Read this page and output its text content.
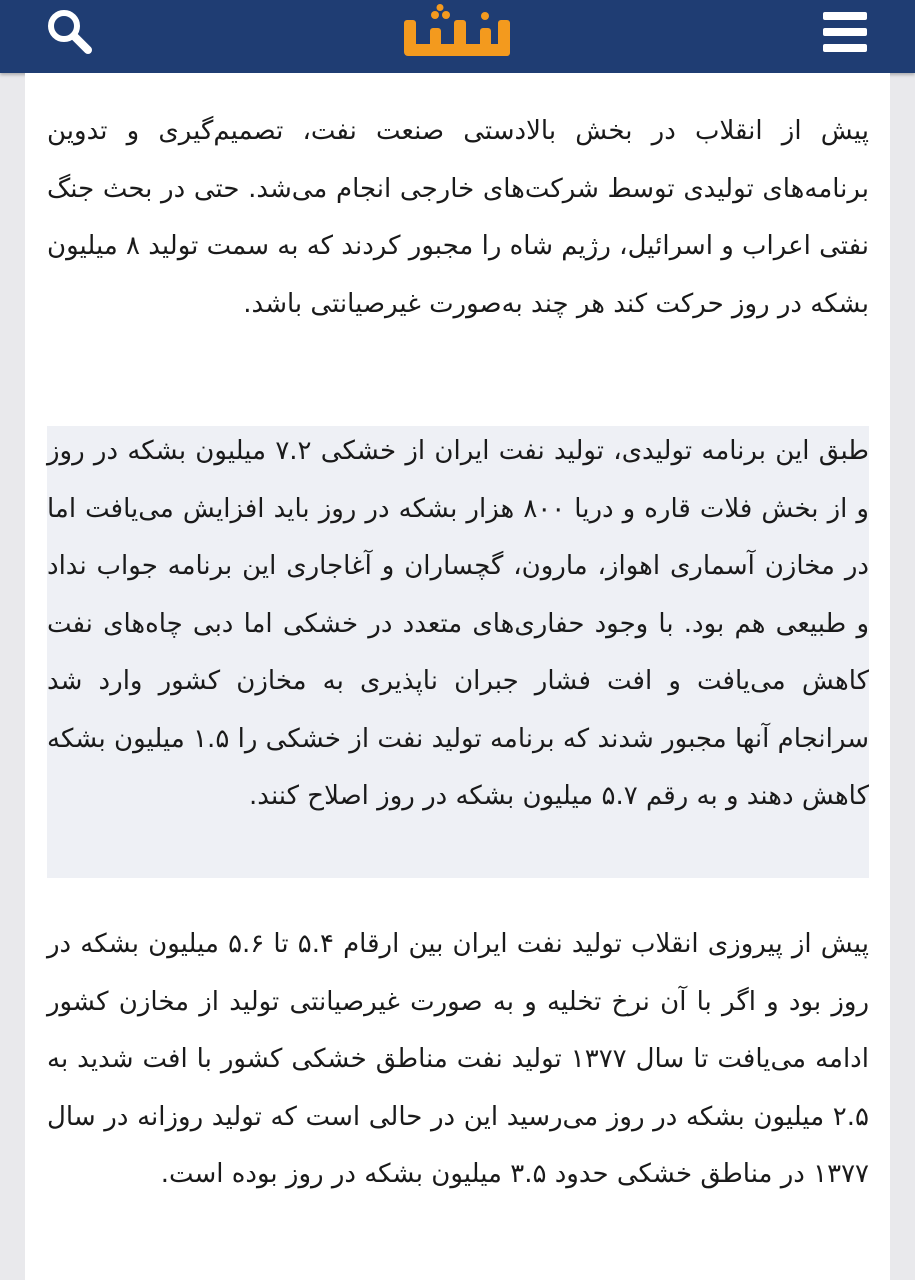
پیش از انقلاب در بخش بالادستی صنعت نفت، تصمیم‌گیری و تدوین برنامه‌های تولیدی توسط شرکت‌های خارجی انجام می‌شد. حتی در بحث جنگ نفتی اعراب و اسرائیل، رژیم شاه را مجبور کردند که به سمت تولید ۸ میلیون بشکه در روز حرکت کند هر چند به‌صورت غیرصیانتی باشد.

طبق این برنامه تولیدی، تولید نفت ایران از خشکی ۷.۲ میلیون بشکه در روز و از بخش فلات قاره و دریا ۸۰۰ هزار بشکه در روز باید افزایش می‌یافت اما در مخازن آسماری اهواز، مارون، گچساران و آغاجاری این برنامه جواب نداد و طبیعی هم بود. با وجود حفاری‌های متعدد در خشکی اما دبی چاه‌های نفت کاهش می‌یافت و افت فشار جبران ناپذیری به مخازن کشور وارد شد سرانجام آنها مجبور شدند که برنامه تولید نفت از خشکی را ۱.۵ میلیون بشکه کاهش دهند و به رقم ۵.۷ میلیون بشکه در روز اصلاح کنند.

پیش از پیروزی انقلاب تولید نفت ایران بین ارقام ۵.۴ تا ۵.۶ میلیون بشکه در روز بود و اگر با آن نرخ تخلیه و به صورت غیرصیانتی تولید از مخازن کشور ادامه می‌یافت تا سال ۱۳۷۷ تولید نفت مناطق خشکی کشور با افت شدید به ۲.۵ میلیون بشکه در روز می‌رسید این در حالی است که تولید روزانه در سال ۱۳۷۷ در مناطق خشکی حدود ۳.۵ میلیون بشکه در روز بوده است.
